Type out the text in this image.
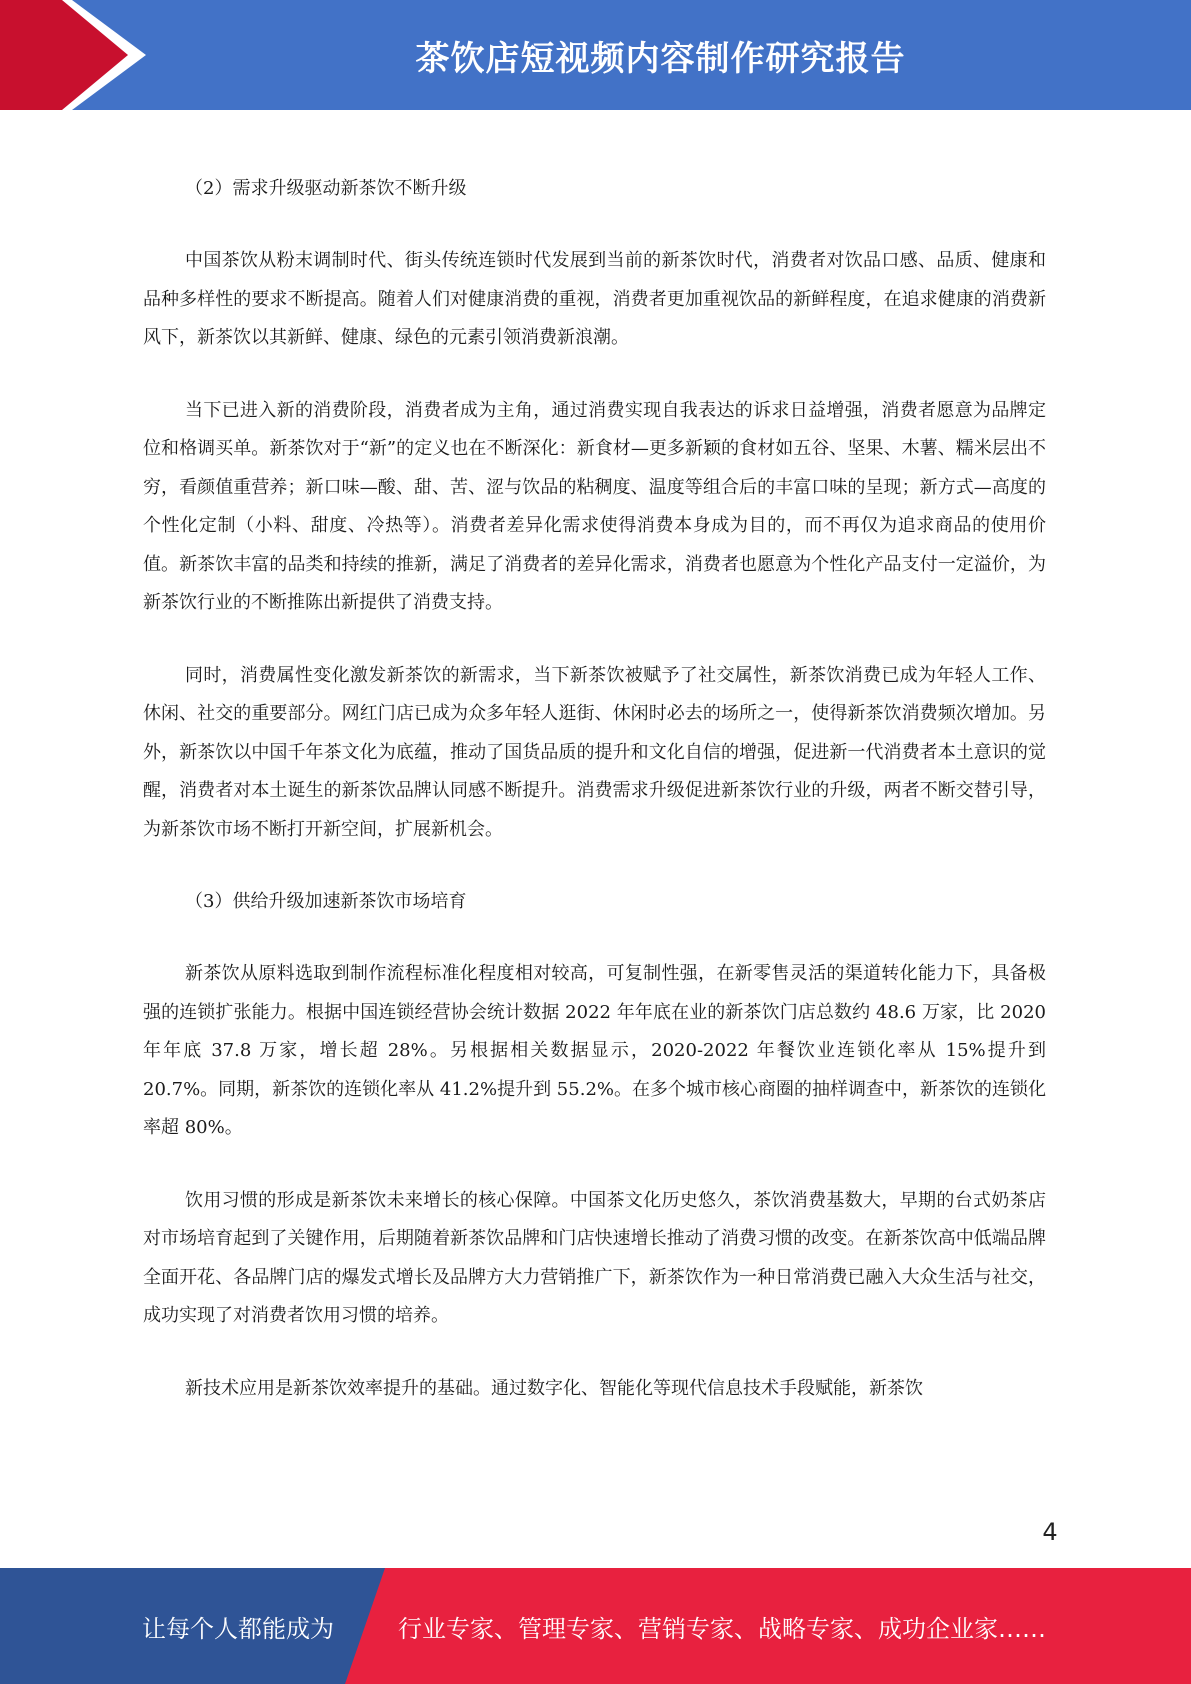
茶饮店短视频内容制作研究报告
（2）需求升级驱动新茶饮不断升级

中国茶饮从粉末调制时代、街头传统连锁时代发展到当前的新茶饮时代，消费者对饮品口感、品质、健康和品种多样性的要求不断提高。随着人们对健康消费的重视，消费者更加重视饮品的新鲜程度，在追求健康的消费新风下，新茶饮以其新鲜、健康、绿色的元素引领消费新浪潮。

当下已进入新的消费阶段，消费者成为主角，通过消费实现自我表达的诉求日益增强，消费者愿意为品牌定位和格调买单。新茶饮对于“新”的定义也在不断深化：新食材—更多新颖的食材如五谷、坚果、木薯、糯米层出不穷，看颜值重营养；新口味—酸、甜、苦、涩与饮品的粘稠度、温度等组合后的丰富口味的呈现；新方式—高度的个性化定制（小料、甜度、冷热等）。消费者差异化需求使得消费本身成为目的，而不再仅为追求商品的使用价值。新茶饮丰富的品类和持续的推新，满足了消费者的差异化需求，消费者也愿意为个性化产品支付一定溢价，为新茶饮行业的不断推陈出新提供了消费支持。

同时，消费属性变化激发新茶饮的新需求，当下新茶饮被赋予了社交属性，新茶饮消费已成为年轻人工作、休闲、社交的重要部分。网红门店已成为众多年轻人逛街、休闲时必去的场所之一，使得新茶饮消费频次增加。另外，新茶饮以中国千年茶文化为底蕴，推动了国货品质的提升和文化自信的增强，促进新一代消费者本土意识的觉醒，消费者对本土诞生的新茶饮品牌认同感不断提升。消费需求升级促进新茶饮行业的升级，两者不断交替引导，为新茶饮市场不断打开新空间，扩展新机会。

（3）供给升级加速新茶饮市场培育

新茶饮从原料选取到制作流程标准化程度相对较高，可复制性强，在新零售灵活的渠道转化能力下，具备极强的连锁扩张能力。根据中国连锁经营协会统计数据 2022 年年底在业的新茶饮门店总数约 48.6 万家，比 2020 年年底 37.8 万家，增长超 28%。另根据相关数据显示，2020-2022 年餐饮业连锁化率从 15%提升到 20.7%。同期，新茶饮的连锁化率从 41.2%提升到 55.2%。在多个城市核心商圈的抽样调查中，新茶饮的连锁化率超 80%。

饮用习惯的形成是新茶饮未来增长的核心保障。中国茶文化历史悠久，茶饮消费基数大，早期的台式奶茶店对市场培育起到了关键作用，后期随着新茶饮品牌和门店快速增长推动了消费习惯的改变。在新茶饮高中低端品牌全面开花、各品牌门店的爆发式增长及品牌方大力营销推广下，新茶饮作为一种日常消费已融入大众生活与社交，成功实现了对消费者饮用习惯的培养。

新技术应用是新茶饮效率提升的基础。通过数字化、智能化等现代信息技术手段赋能，新茶饮

4
让每个人都能成为	行业专家、管理专家、营销专家、战略专家、成功企业家……
